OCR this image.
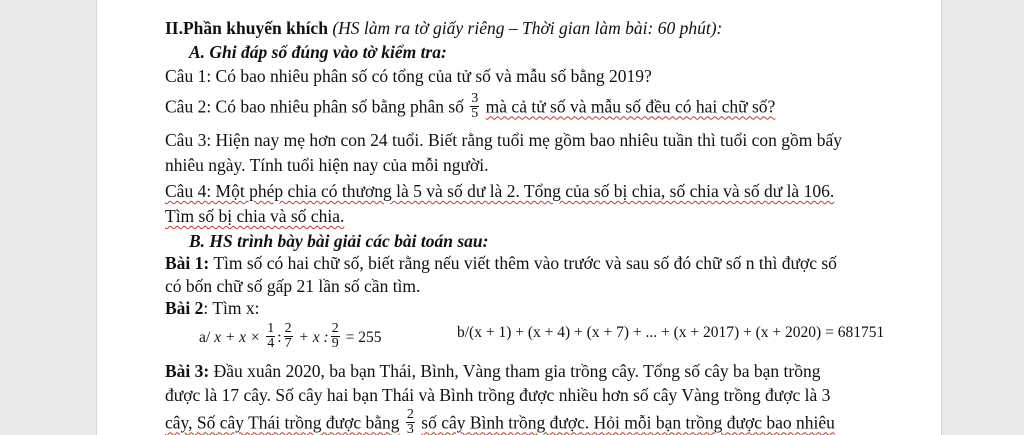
II.Phần khuyến khích (HS làm ra tờ giấy riêng – Thời gian làm bài: 60 phút):
A. Ghi đáp số đúng vào tờ kiểm tra:
Câu 1: Có bao nhiêu phân số có tổng của tử số và mẫu số bằng 2019?
Câu 2: Có bao nhiêu phân số bằng phân số $\frac{3}{5}$ mà cả tử số và mẫu số đều có hai chữ số?
Câu 3: Hiện nay mẹ hơn con 24 tuổi. Biết rằng tuổi mẹ gồm bao nhiêu tuần thì tuổi con gồm bấy
nhiêu ngày. Tính tuổi hiện nay của mỗi người.
Câu 4: Một phép chia có thương là 5 và số dư là 2. Tổng của số bị chia, số chia và số dư là 106.
Tìm số bị chia và số chia.
B. HS trình bày bài giải các bài toán sau:
Bài 1: Tìm số có hai chữ số, biết rằng nếu viết thêm vào trước và sau số đó chữ số n thì được số
có bốn chữ số gấp 21 lần số cần tìm.
Bài 2: Tìm x:
a/ $x + x \times \frac{1}{4}$ : $\frac{2}{7} + x$ : $\frac{2}{9} = 255$	b/(x + 1) + (x + 4) + (x + 7) + ... + (x + 2017) + (x + 2020) = 681751
Bài 3: Đầu xuân 2020, ba bạn Thái, Bình, Vàng tham gia trồng cây. Tổng số cây ba bạn trồng
được là 17 cây. Số cây hai bạn Thái và Bình trồng được nhiều hơn số cây Vàng trồng được là 3
cây, Số cây Thái trồng được bằng $\frac{2}{3}$ số cây Bình trồng được. Hỏi mỗi bạn trồng được bao nhiêu
